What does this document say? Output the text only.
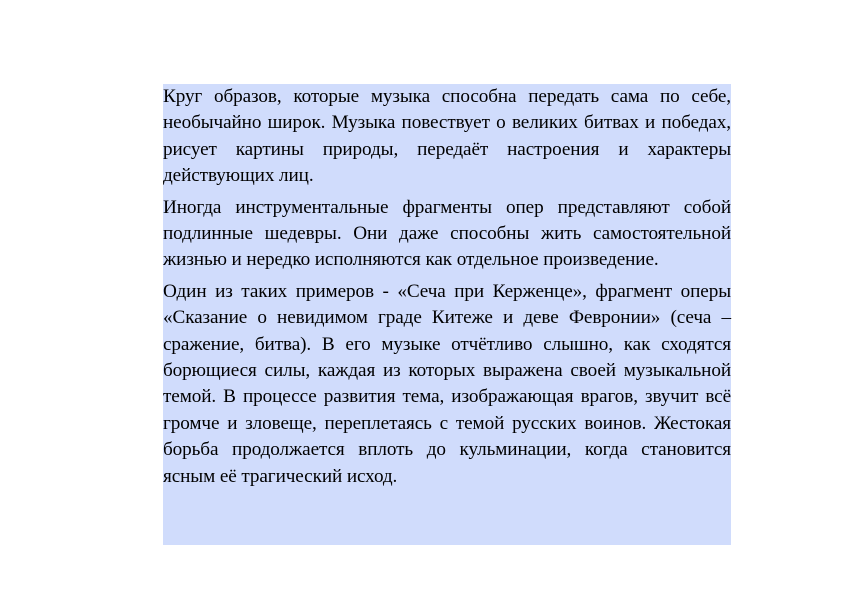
Круг образов, которые музыка способна передать сама по себе, необычайно широк. Музыка повествует о великих битвах и победах, рисует картины природы, передаёт настроения и характеры действующих лиц.

Иногда инструментальные фрагменты опер представляют собой подлинные шедевры. Они даже способны жить самостоятельной жизнью и нередко исполняются как отдельное произведение.

Один из таких примеров - «Сеча при Керженце», фрагмент оперы «Сказание о невидимом граде Китеже и деве Февронии» (сеча – сражение, битва). В его музыке отчётливо слышно, как сходятся борющиеся силы, каждая из которых выражена своей музыкальной темой. В процессе развития тема, изображающая врагов, звучит всё громче и зловеще, переплетаясь с темой русских воинов. Жестокая борьба продолжается вплоть до кульминации, когда становится ясным её трагический исход.
